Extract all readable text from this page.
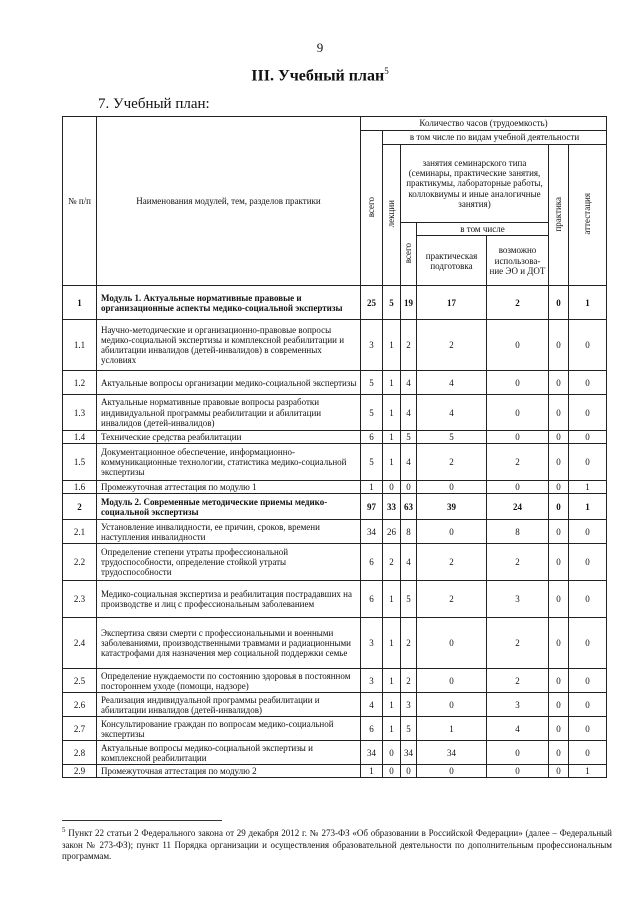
9
III. Учебный план$^5$
7. Учебный план:
№ п/п	Наименования модулей, тем, разделов практики	Количество часов (трудоемкость)						
		всего	в том числе по видам учебной деятельности					
			лекции	занятия семинарского типа (семинары, практические занятия, практикумы, лабораторные работы, коллоквиумы и иные аналогичные занятия)			практика	аттестация
				всего	в том числе			
					практическая подготовка	возможно использова-ние ЭО и ДОТ		
1	Модуль 1. Актуальные нормативные правовые и организационные аспекты медико-социальной экспертизы	25	5	19	17	2	0	1
1.1	Научно-методические и организационно-правовые вопросы медико-социальной экспертизы и комплексной реабилитации и абилитации инвалидов (детей-инвалидов) в современных условиях	3	1	2	2	0	0	0
1.2	Актуальные вопросы организации медико-социальной экспертизы	5	1	4	4	0	0	0
1.3	Актуальные нормативные правовые вопросы разработки индивидуальной программы реабилитации и абилитации инвалидов (детей-инвалидов)	5	1	4	4	0	0	0
1.4	Технические средства реабилитации	6	1	5	5	0	0	0
1.5	Документационное обеспечение, информационно-коммуникационные технологии, статистика медико-социальной экспертизы	5	1	4	2	2	0	0
1.6	Промежуточная аттестация по модулю 1	1	0	0	0	0	0	1
2	Модуль 2. Современные методические приемы медико-социальной экспертизы	97	33	63	39	24	0	1
2.1	Установление инвалидности, ее причин, сроков, времени наступления инвалидности	34	26	8	0	8	0	0
2.2	Определение степени утраты профессиональной трудоспособности, определение стойкой утраты трудоспособности	6	2	4	2	2	0	0
2.3	Медико-социальная экспертиза и реабилитация пострадавших на производстве и лиц с профессиональным заболеванием	6	1	5	2	3	0	0
2.4	Экспертиза связи смерти с профессиональными и военными заболеваниями, производственными травмами и радиационными катастрофами для назначения мер социальной поддержки семье	3	1	2	0	2	0	0
2.5	Определение нуждаемости по состоянию здоровья в постоянном постороннем уходе (помощи, надзоре)	3	1	2	0	2	0	0
2.6	Реализация индивидуальной программы реабилитации и абилитации инвалидов (детей-инвалидов)	4	1	3	0	3	0	0
2.7	Консультирование граждан по вопросам медико-социальной экспертизы	6	1	5	1	4	0	0
2.8	Актуальные вопросы медико-социальной экспертизы и комплексной реабилитации	34	0	34	34	0	0	0
2.9	Промежуточная аттестация по модулю 2	1	0	0	0	0	0	1
$^5$ Пункт 22 статьи 2 Федерального закона от 29 декабря 2012 г. № 273-ФЗ «Об образовании в Российской Федерации» (далее – Федеральный закон № 273-ФЗ); пункт 11 Порядка организации и осуществления образовательной деятельности по дополнительным профессиональным программам.
